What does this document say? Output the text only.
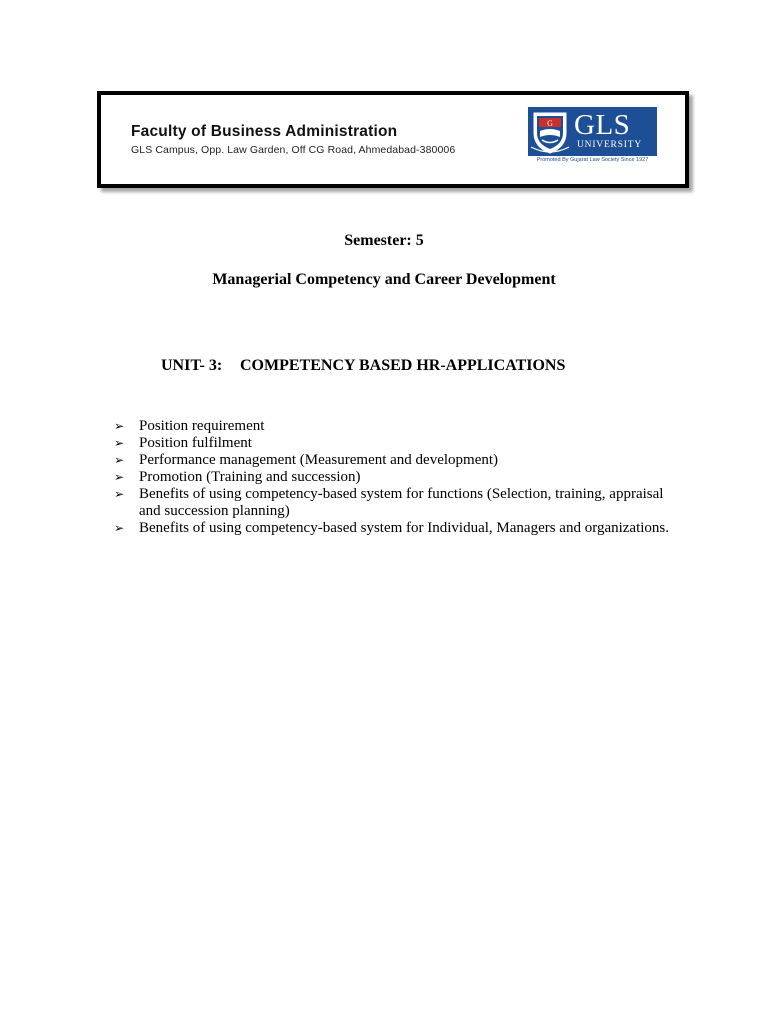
Faculty of Business Administration
GLS Campus, Opp. Law Garden, Off CG Road, Ahmedabad-380006
G GLS
UNIVERSITY
Promoted By Gujarat Law Society Since 1927
Semester: 5
Managerial Competency and Career Development
UNIT- 3: COMPETENCY BASED HR-APPLICATIONS
➢ Position requirement
➢ Position fulfilment
➢ Performance management (Measurement and development)
➢ Promotion (Training and succession)
➢ Benefits of using competency-based system for functions (Selection, training, appraisal and succession planning)
➢ Benefits of using competency-based system for Individual, Managers and organizations.
